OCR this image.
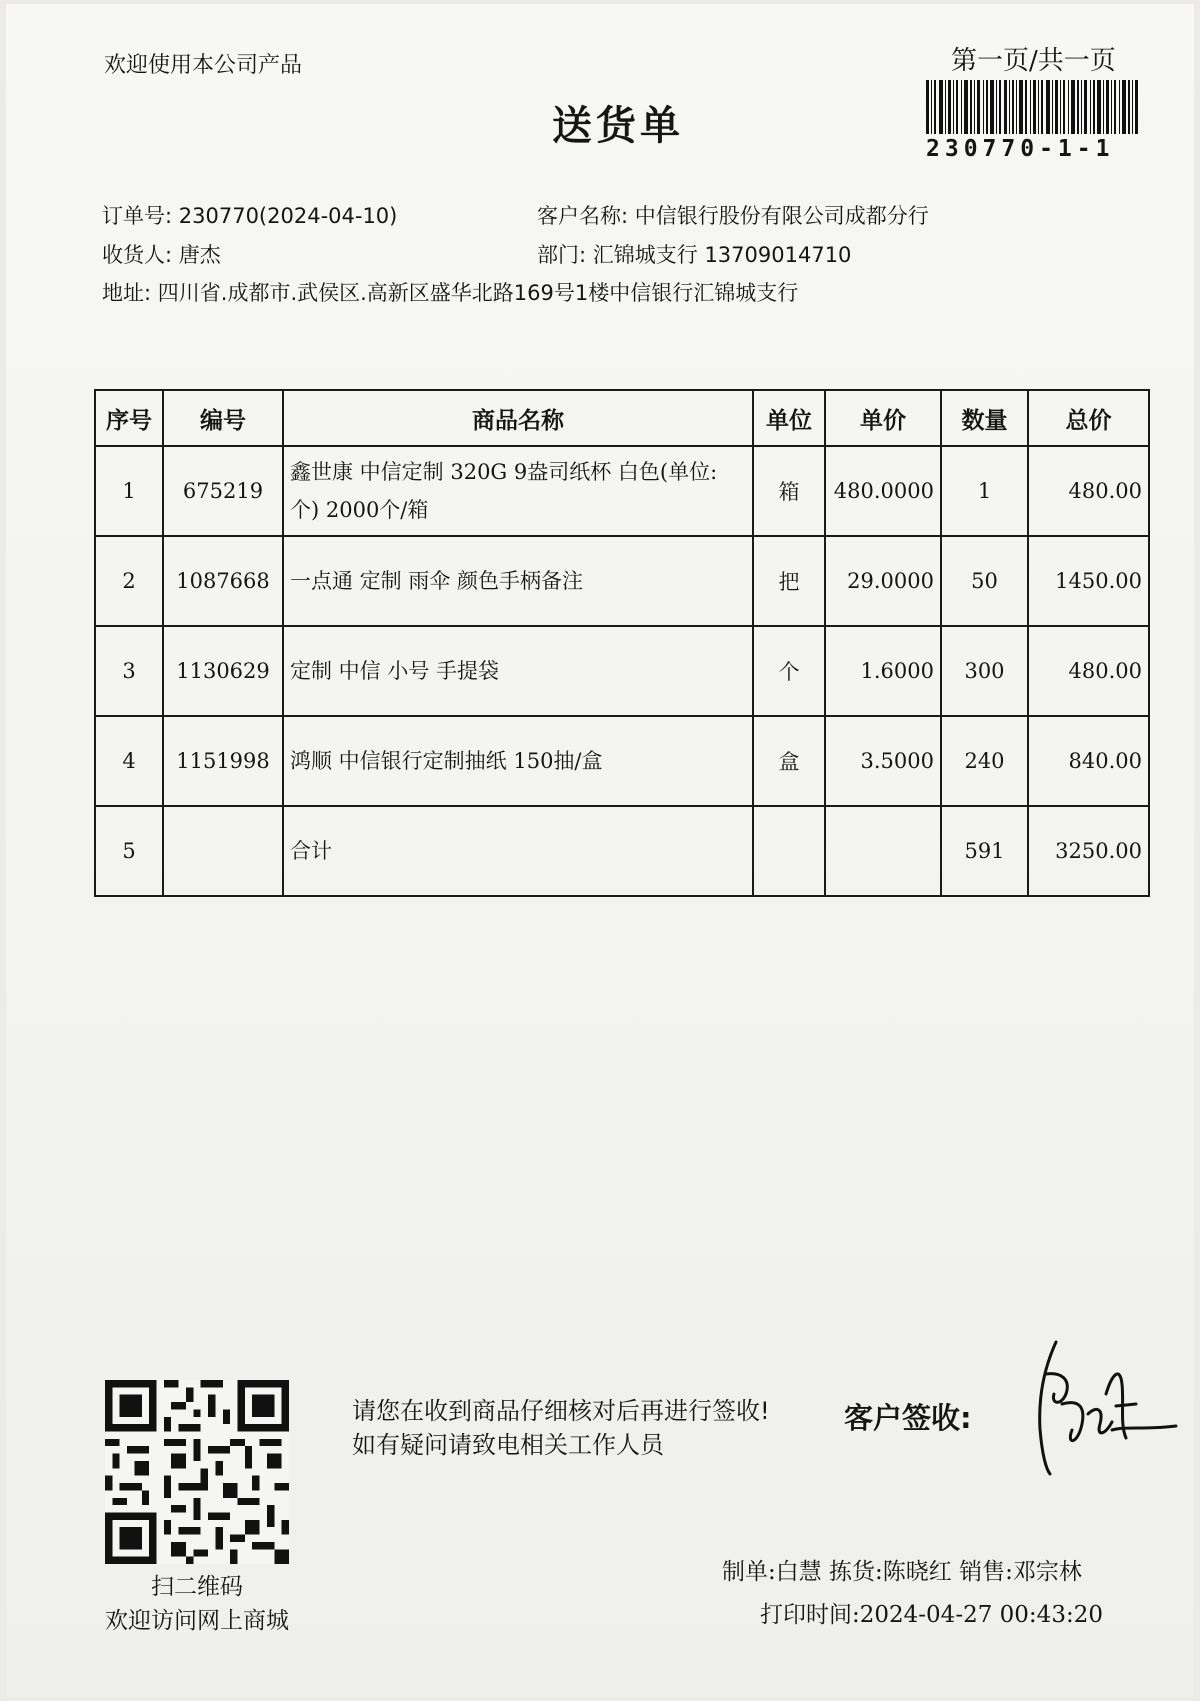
欢迎使用本公司产品	第一页/共一页
230770-1-1
送货单
订单号: 230770(2024-04-10)	客户名称: 中信银行股份有限公司成都分行
收货人: 唐杰	部门: 汇锦城支行 13709014710
地址: 四川省.成都市.武侯区.高新区盛华北路169号1楼中信银行汇锦城支行
序号	编号	商品名称	单位	单价	数量	总价
1	675219	鑫世康 中信定制 320G 9盎司纸杯 白色(单位:个) 2000个/箱	箱	480.0000	1	480.00
2	1087668	一点通 定制 雨伞 颜色手柄备注	把	29.0000	50	1450.00
3	1130629	定制 中信 小号 手提袋	个	1.6000	300	480.00
4	1151998	鸿顺 中信银行定制抽纸 150抽/盒	盒	3.5000	240	840.00
5		合计			591	3250.00
扫二维码
欢迎访问网上商城
请您在收到商品仔细核对后再进行签收!如有疑问请致电相关工作人员
客户签收:
制单:白慧 拣货:陈晓红 销售:邓宗林
打印时间:2024-04-27 00:43:20
